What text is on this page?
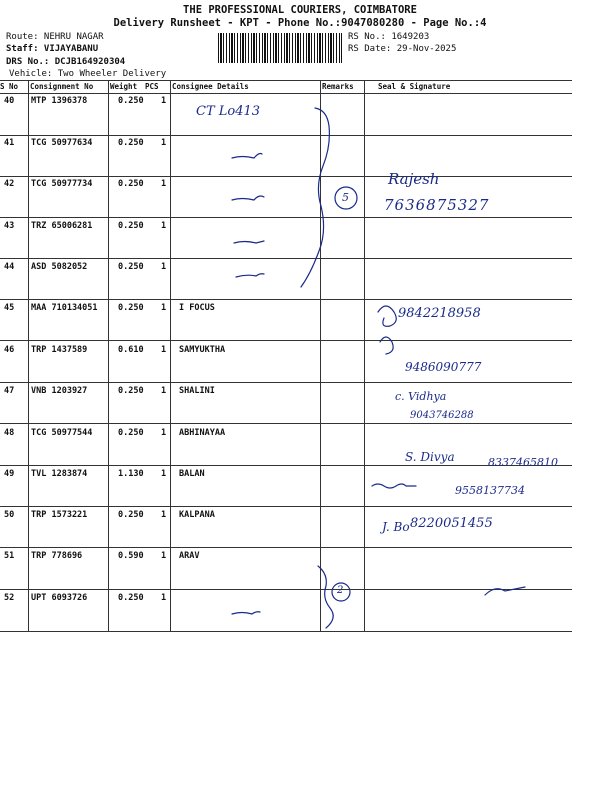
THE PROFESSIONAL COURIERS, COIMBATORE
Delivery Runsheet - KPT - Phone No.:9047080280 - Page No.:4
Route: NEHRU NAGAR
Staff: VIJAYABANU
DRS No.: DCJB164920304
Vehicle: Two Wheeler Delivery
RS No.: 1649203
RS Date: 29-Nov-2025
S No Consignment No Weight PCS Consignee Details	Remarks	Seal & Signature
40 MTP 1396378	0.250 1
41 TCG 50977634	0.250 1
42 TCG 50977734	0.250 1
43 TRZ 65006281	0.250 1
44 ASD 5082052	0.250 1
45 MAA 710134051 0.250 1 I FOCUS
46 TRP 1437589	0.610 1 SAMYUKTHA
47 VNB 1203927	0.250 1 SHALINI
48 TCG 50977544	0.250 1 ABHINAYAA
49 TVL 1283874	1.130 1 BALAN
50 TRP 1573221	0.250 1 KALPANA
51 TRP 778696	0.590 1 ARAV
52 UPT 6093726	0.250 1
CT Lo413
5
2
Rajesh
7636875327
9842218958
9486090777
c. Vidhya
9043746288
S. Divya	8337465810
9558137734
J. Bo 8220051455
